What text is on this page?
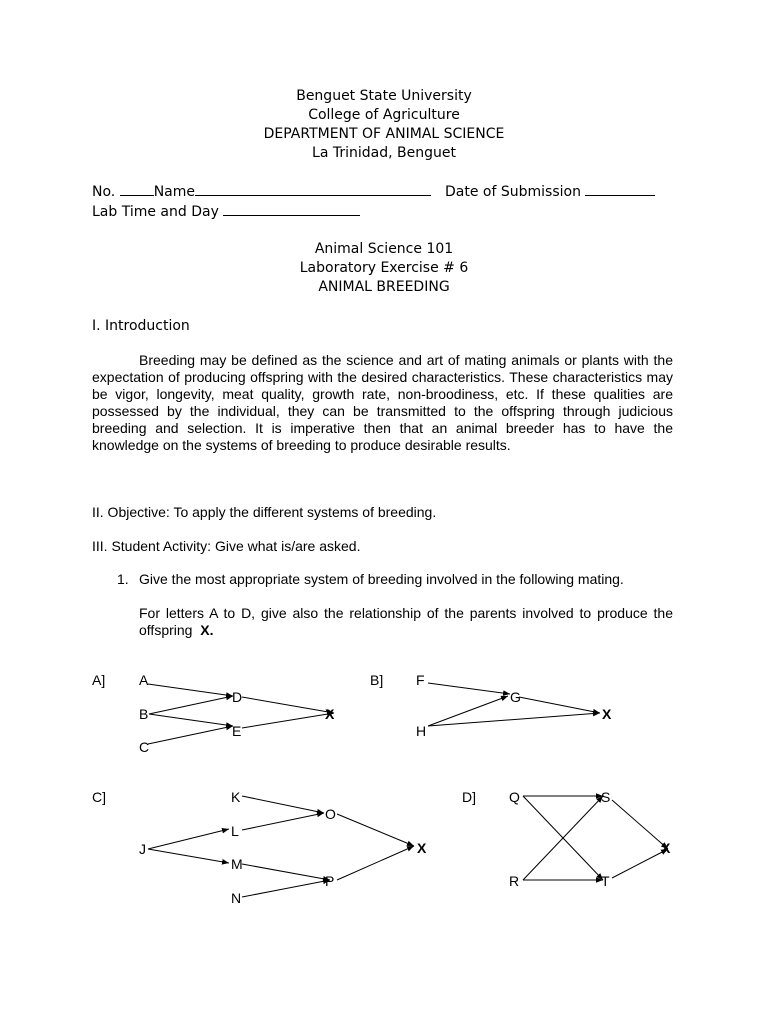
Benguet State University
College of Agriculture
DEPARTMENT OF ANIMAL SCIENCE
La Trinidad, Benguet
No.	Name	Date of Submission
Lab Time and Day
Animal Science 101
Laboratory Exercise # 6
ANIMAL BREEDING
I. Introduction
Breeding may be defined as the science and art of mating animals or plants with the expectation of producing offspring with the desired characteristics. These characteristics may be vigor, longevity, meat quality, growth rate, non-broodiness, etc. If these qualities are possessed by the individual, they can be transmitted to the offspring through judicious breeding and selection. It is imperative then that an animal breeder has to have the knowledge on the systems of breeding to produce desirable results.
II. Objective: To apply the different systems of breeding.
III. Student Activity: Give what is/are asked.
1. Give the most appropriate system of breeding involved in the following mating.
For letters A to D, give also the relationship of the parents involved to produce the offspring X.
A]	B]
C]	D]
A
B
C
D
E
X
F
H
G
X
K
J
L
M
N
O
P
X
Q
R
S
T
X
